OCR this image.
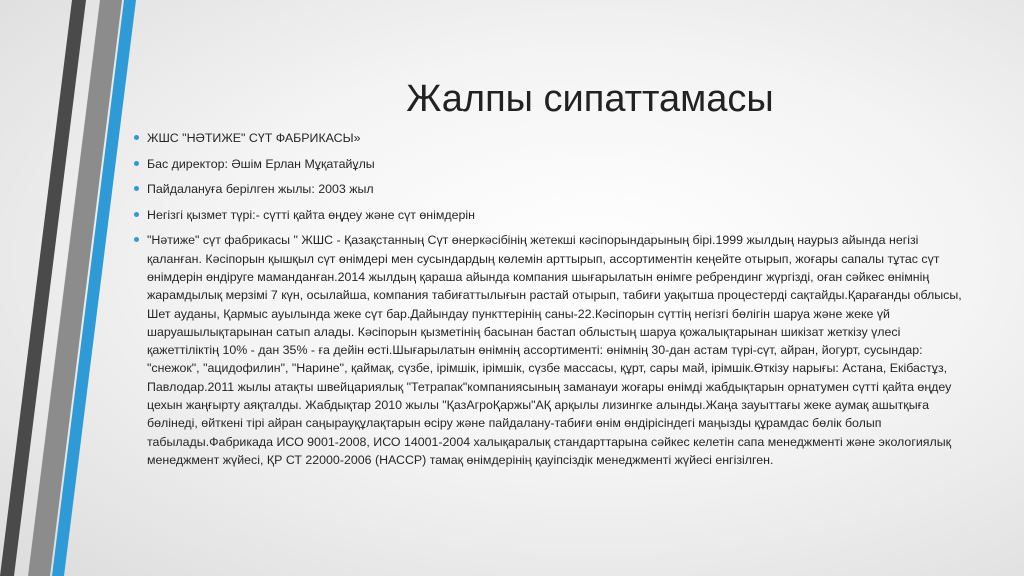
Жалпы сипаттамасы
ЖШС "НӘТИЖЕ" СҮТ ФАБРИКАСЫ»
Бас директор: Әшім Ерлан Мұқатайұлы
Пайдалануға берілген жылы: 2003 жыл
Негізгі қызмет түрі:- сүтті қайта өңдеу және сүт өнімдерін
"Нәтиже" сүт фабрикасы " ЖШС - Қазақстанның Сүт өнеркәсібінің жетекші кәсіпорындарының бірі.1999 жылдың наурыз айында негізі қаланған. Кәсіпорын қышқыл сүт өнімдері мен сусындардың көлемін арттырып, ассортиментін кеңейте отырып, жоғары сапалы тұтас сүт өнімдерін өндіруге маманданған.2014 жылдың қараша айында компания шығарылатын өнімге ребрендинг жүргізді, оған сәйкес өнімнің жарамдылық мерзімі 7 күн, осылайша, компания табиғаттылығын растай отырып, табиғи уақытша процестерді сақтайды.Қарағанды облысы, Шет ауданы, Қармыс ауылында жеке сүт бар.Дайындау пункттерінің саны-22.Кәсіпорын сүттің негізгі бөлігін шаруа және жеке үй шаруашылықтарынан сатып алады. Кәсіпорын қызметінің басынан бастап облыстың шаруа қожалықтарынан шикізат жеткізу үлесі қажеттіліктің 10% - дан 35% - ға дейін өсті.Шығарылатын өнімнің ассортименті: өнімнің 30-дан астам түрі-сүт, айран, йогурт, сусындар: "снежок", "ацидофилин", "Нарине", қаймақ, сүзбе, ірімшік, ірімшік, сүзбе массасы, құрт, сары май, ірімшік.Өткізу нарығы: Астана, Екібастұз, Павлодар.2011 жылы атақты швейцариялық "Тетрапак"компаниясының заманауи жоғары өнімді жабдықтарын орнатумен сүтті қайта өңдеу цехын жаңғырту аяқталды. Жабдықтар 2010 жылы "ҚазАгроҚаржы"АҚ арқылы лизингке алынды.Жаңа зауыттағы жеке аумақ ашытқыға бөлінеді, өйткені тірі айран саңырауқұлақтарын өсіру және пайдалану-табиғи өнім өндірісіндегі маңызды құрамдас бөлік болып табылады.Фабрикада ИСО 9001-2008, ИСО 14001-2004 халықаралық стандарттарына сәйкес келетін сапа менеджменті және экологиялық менеджмент жүйесі, ҚР СТ 22000-2006 (НАССР) тамақ өнімдерінің қауіпсіздік менеджменті жүйесі енгізілген.
